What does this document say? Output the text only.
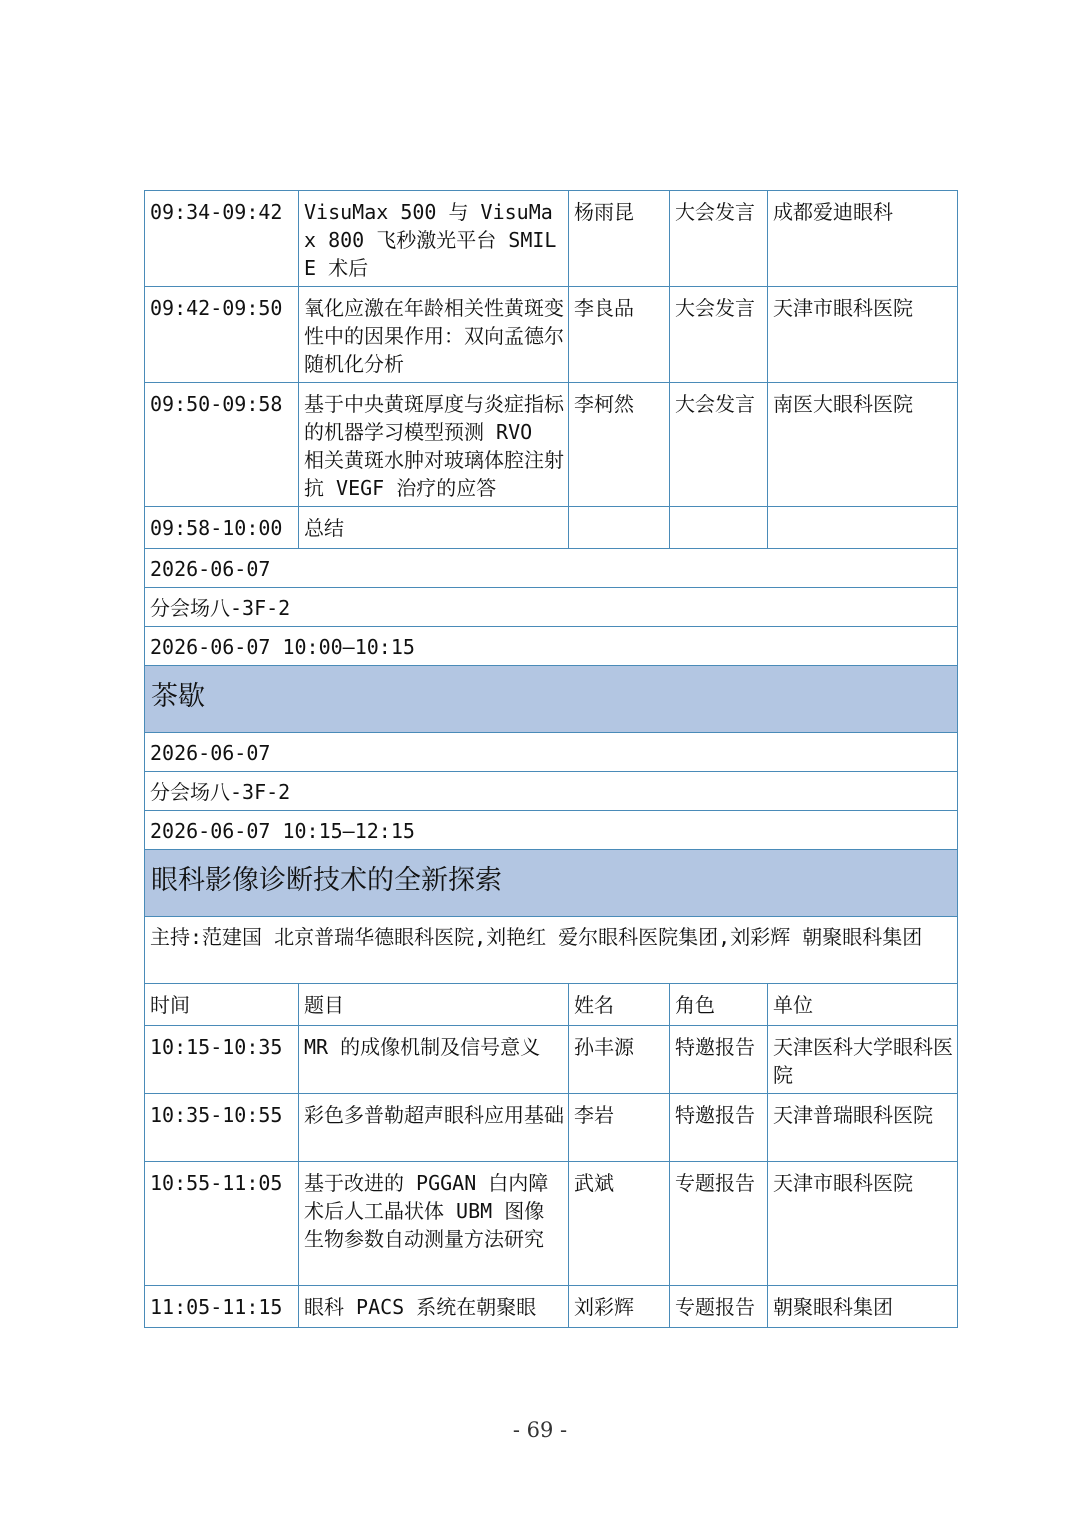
09:34-09:42	VisuMax 500 与 VisuMax 800 飞秒激光平台 SMILE 术后	杨雨昆	大会发言	成都爱迪眼科
09:42-09:50	氧化应激在年龄相关性黄斑变性中的因果作用：双向孟德尔随机化分析	李良品	大会发言	天津市眼科医院
09:50-09:58	基于中央黄斑厚度与炎症指标的机器学习模型预测 RVO 相关黄斑水肿对玻璃体腔注射抗 VEGF 治疗的应答	李柯然	大会发言	南医大眼科医院
09:58-10:00	总结			
2026-06-07				
分会场八-3F-2				
2026-06-07 10:00—10:15				
茶歇				
2026-06-07				
分会场八-3F-2				
2026-06-07 10:15—12:15				
眼科影像诊断技术的全新探索				
主持:范建国 北京普瑞华德眼科医院,刘艳红 爱尔眼科医院集团,刘彩辉 朝聚眼科集团				
时间	题目	姓名	角色	单位
10:15-10:35	MR 的成像机制及信号意义	孙丰源	特邀报告	天津医科大学眼科医院
10:35-10:55	彩色多普勒超声眼科应用基础	李岩	特邀报告	天津普瑞眼科医院
10:55-11:05	基于改进的 PGGAN 白内障术后人工晶状体 UBM 图像生物参数自动测量方法研究	武斌	专题报告	天津市眼科医院
11:05-11:15	眼科 PACS 系统在朝聚眼	刘彩辉	专题报告	朝聚眼科集团
- 69 -
